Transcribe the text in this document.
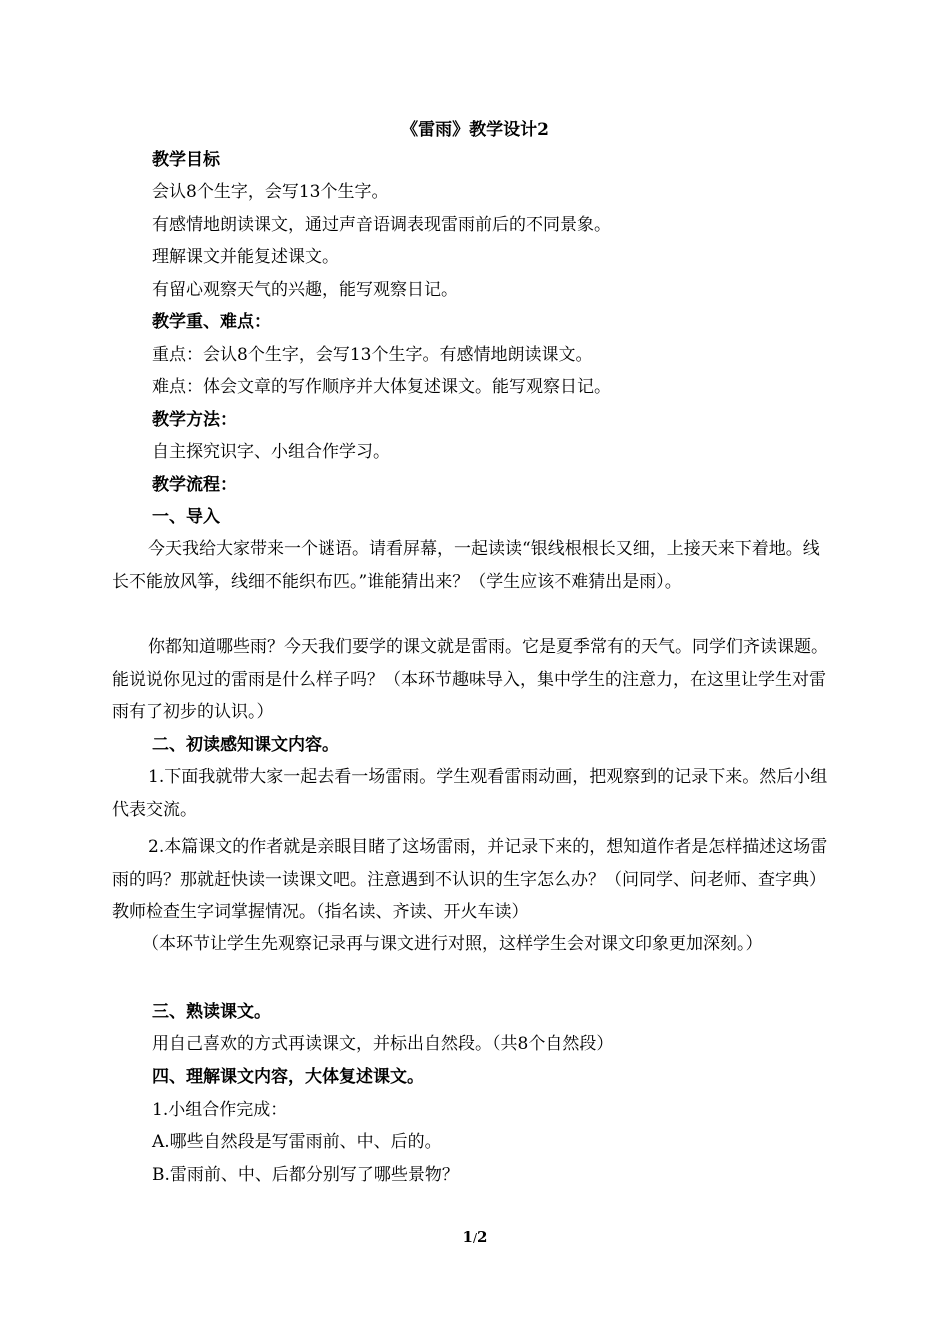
《雷雨》教学设计2
教学目标
会认8个生字，会写13个生字。
有感情地朗读课文，通过声音语调表现雷雨前后的不同景象。
理解课文并能复述课文。
有留心观察天气的兴趣，能写观察日记。
教学重、难点：
重点：会认8个生字，会写13个生字。有感情地朗读课文。
难点：体会文章的写作顺序并大体复述课文。能写观察日记。
教学方法：
自主探究识字、小组合作学习。
教学流程：
一、导入
今天我给大家带来一个谜语。请看屏幕，一起读读“银线根根长又细，上接天来下着地。线长不能放风筝，线细不能织布匹。”谁能猜出来？（学生应该不难猜出是雨）。
你都知道哪些雨？今天我们要学的课文就是雷雨。它是夏季常有的天气。同学们齐读课题。能说说你见过的雷雨是什么样子吗？（本环节趣味导入，集中学生的注意力，在这里让学生对雷雨有了初步的认识。）
二、初读感知课文内容。
1.下面我就带大家一起去看一场雷雨。学生观看雷雨动画，把观察到的记录下来。然后小组代表交流。
2.本篇课文的作者就是亲眼目睹了这场雷雨，并记录下来的，想知道作者是怎样描述这场雷雨的吗？那就赶快读一读课文吧。注意遇到不认识的生字怎么办？（问同学、问老师、查字典）教师检查生字词掌握情况。（指名读、齐读、开火车读）
（本环节让学生先观察记录再与课文进行对照，这样学生会对课文印象更加深刻。）
三、熟读课文。
用自己喜欢的方式再读课文，并标出自然段。（共8个自然段）
四、理解课文内容，大体复述课文。
1.小组合作完成：
A.哪些自然段是写雷雨前、中、后的。
B.雷雨前、中、后都分别写了哪些景物？
1/2
